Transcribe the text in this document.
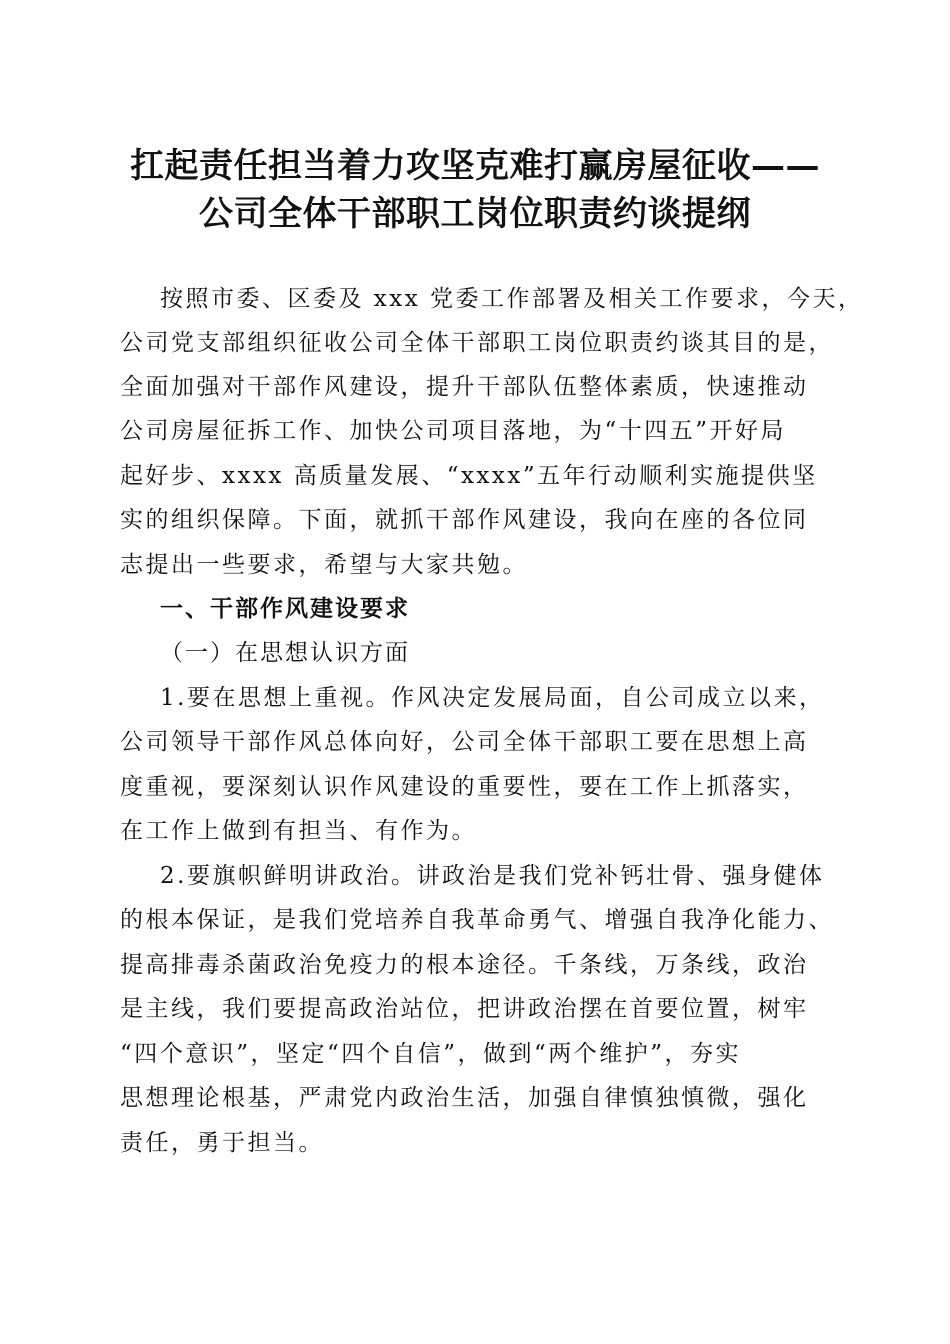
扛起责任担当着力攻坚克难打赢房屋征收——
公司全体干部职工岗位职责约谈提纲
按照市委、区委及 xxx 党委工作部署及相关工作要求，今天，
公司党支部组织征收公司全体干部职工岗位职责约谈其目的是，
全面加强对干部作风建设，提升干部队伍整体素质，快速推动
公司房屋征拆工作、加快公司项目落地，为“十四五”开好局
起好步、xxxx 高质量发展、“xxxx”五年行动顺利实施提供坚
实的组织保障。下面，就抓干部作风建设，我向在座的各位同
志提出一些要求，希望与大家共勉。
一、干部作风建设要求
（一）在思想认识方面
1.要在思想上重视。作风决定发展局面，自公司成立以来，
公司领导干部作风总体向好，公司全体干部职工要在思想上高
度重视，要深刻认识作风建设的重要性，要在工作上抓落实，
在工作上做到有担当、有作为。
2.要旗帜鲜明讲政治。讲政治是我们党补钙壮骨、强身健体
的根本保证，是我们党培养自我革命勇气、增强自我净化能力、
提高排毒杀菌政治免疫力的根本途径。千条线，万条线，政治
是主线，我们要提高政治站位，把讲政治摆在首要位置，树牢
“四个意识”，坚定“四个自信”，做到“两个维护”，夯实
思想理论根基，严肃党内政治生活，加强自律慎独慎微，强化
责任，勇于担当。
